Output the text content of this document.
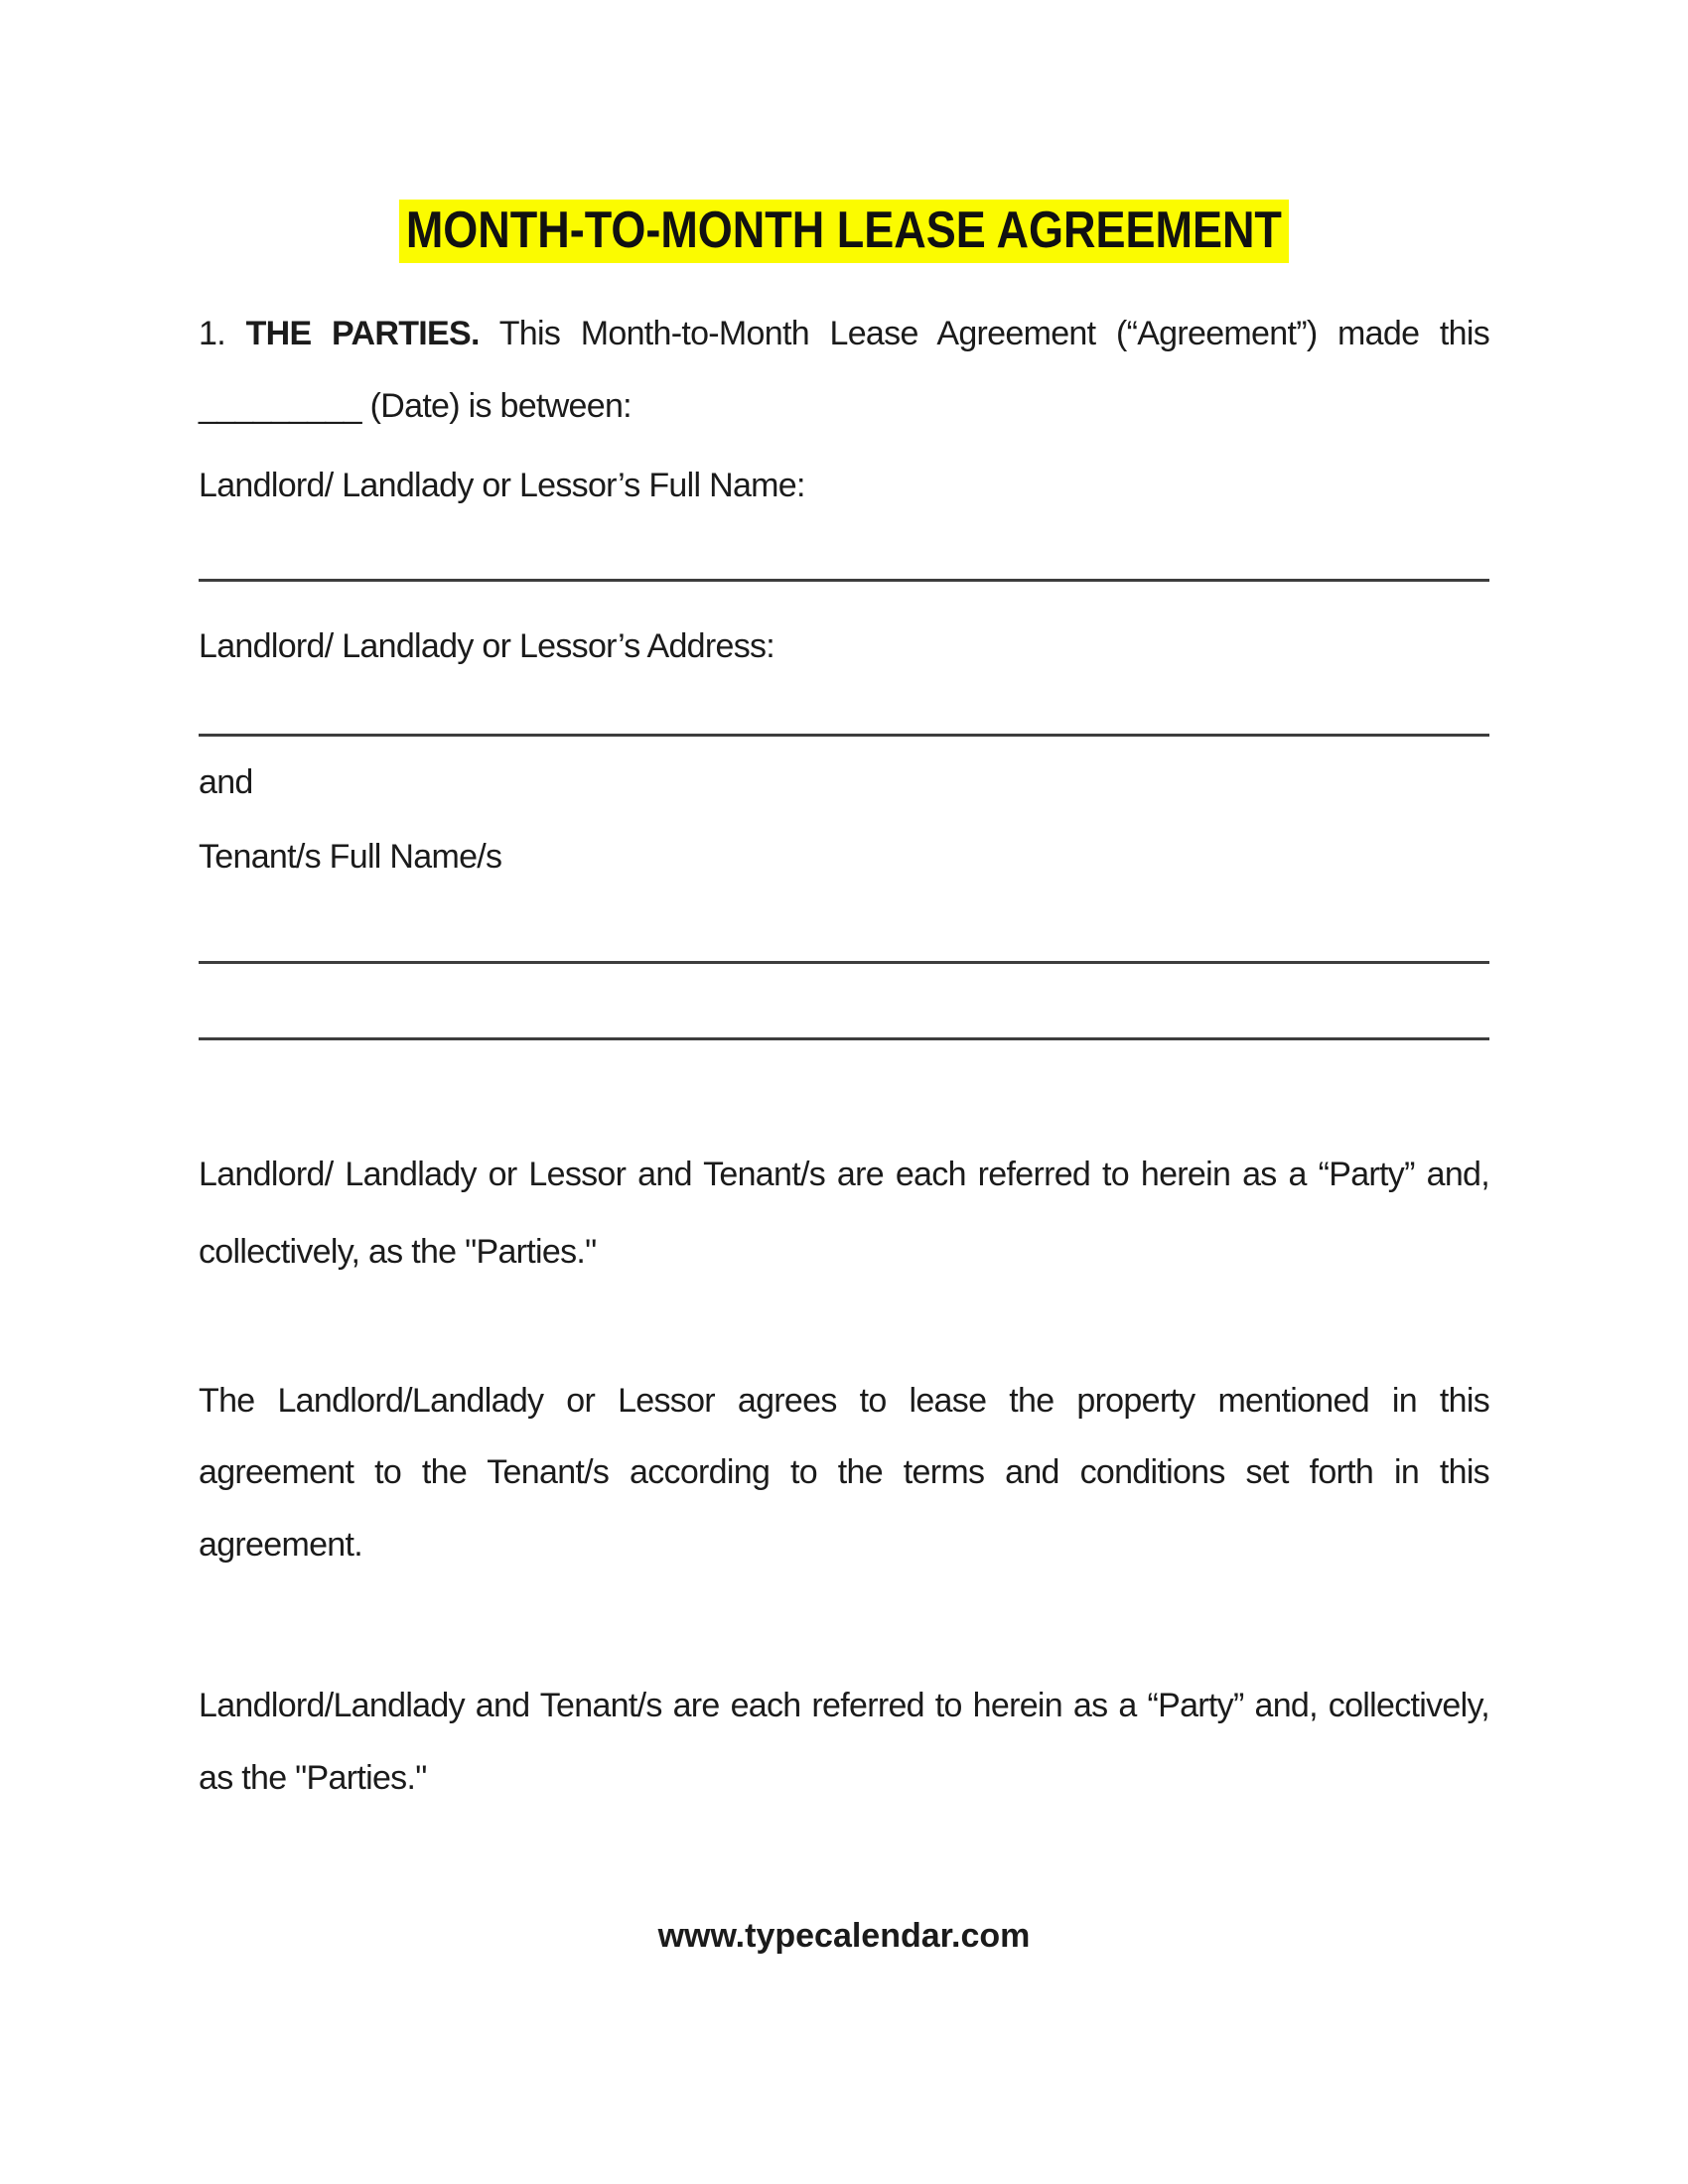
MONTH-TO-MONTH LEASE AGREEMENT
1. THE PARTIES. This Month-to-Month Lease Agreement (“Agreement”) made this
_________ (Date) is between:
Landlord/ Landlady or Lessor’s Full Name:
Landlord/ Landlady or Lessor’s Address:
and
Tenant/s Full Name/s
Landlord/ Landlady or Lessor and Tenant/s are each referred to herein as a “Party” and,
collectively, as the "Parties."
The Landlord/Landlady or Lessor agrees to lease the property mentioned in this
agreement to the Tenant/s according to the terms and conditions set forth in this
agreement.
Landlord/Landlady and Tenant/s are each referred to herein as a “Party” and, collectively,
as the "Parties."
www.typecalendar.com
